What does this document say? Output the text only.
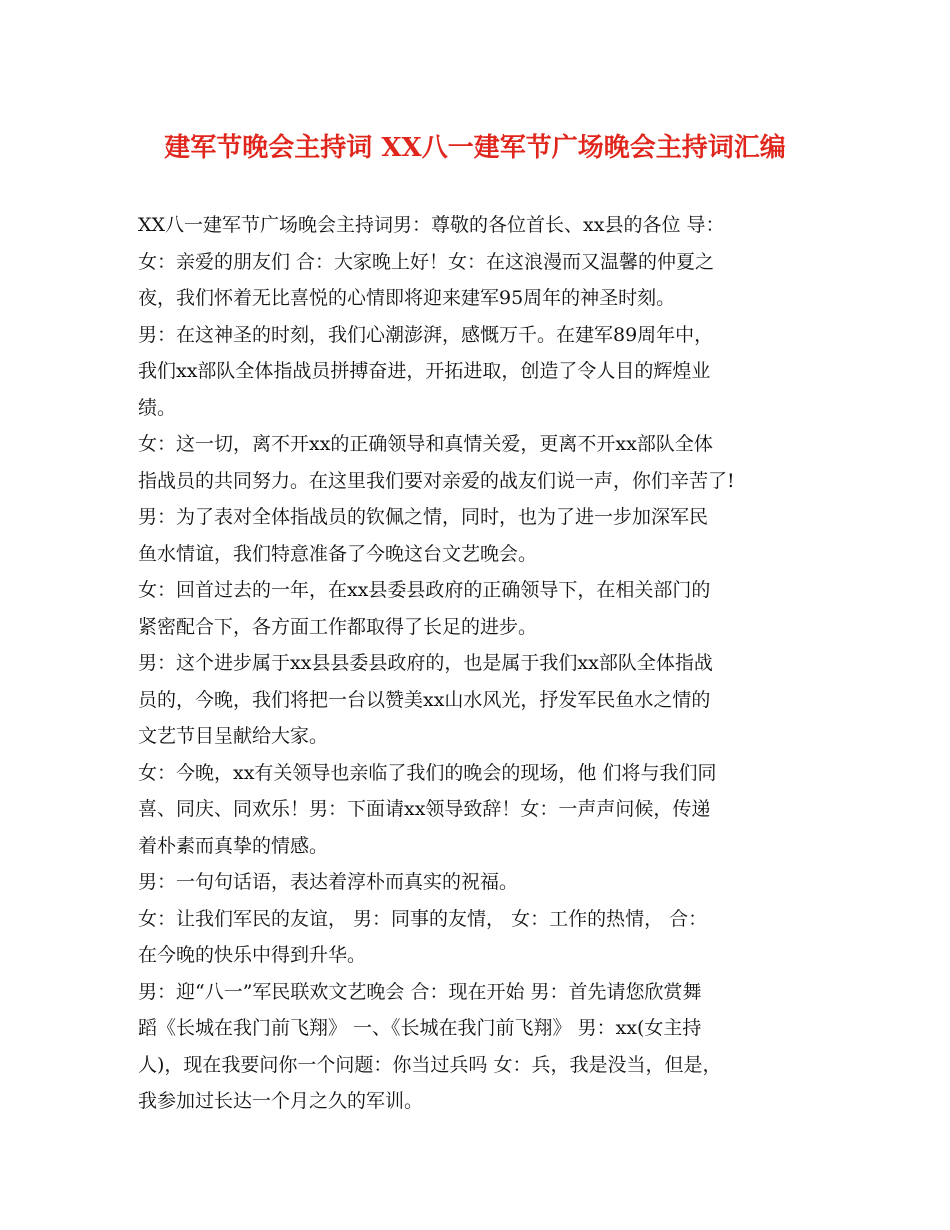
建军节晚会主持词 XX八一建军节广场晚会主持词汇编

XX八一建军节广场晚会主持词男：尊敬的各位首长、xx县的各位 导：

女：亲爱的朋友们 合：大家晚上好！女：在这浪漫而又温馨的仲夏之

夜，我们怀着无比喜悦的心情即将迎来建军95周年的神圣时刻。

男：在这神圣的时刻，我们心潮澎湃，感慨万千。在建军89周年中，

我们xx部队全体指战员拼搏奋进，开拓进取，创造了令人目的辉煌业

绩。

女：这一切，离不开xx的正确领导和真情关爱，更离不开xx部队全体

指战员的共同努力。在这里我们要对亲爱的战友们说一声，你们辛苦了!

男：为了表对全体指战员的钦佩之情，同时，也为了进一步加深军民

鱼水情谊，我们特意准备了今晚这台文艺晚会。

女：回首过去的一年，在xx县委县政府的正确领导下，在相关部门的

紧密配合下，各方面工作都取得了长足的进步。

男：这个进步属于xx县县委县政府的，也是属于我们xx部队全体指战

员的，今晚，我们将把一台以赞美xx山水风光，抒发军民鱼水之情的

文艺节目呈献给大家。

女：今晚，xx有关领导也亲临了我们的晚会的现场，他 们将与我们同

喜、同庆、同欢乐！男：下面请xx领导致辞！女：一声声问候，传递

着朴素而真挚的情感。

男：一句句话语，表达着淳朴而真实的祝福。

女：让我们军民的友谊， 男：同事的友情， 女：工作的热情， 合：

在今晚的快乐中得到升华。

男：迎“八一”军民联欢文艺晚会 合：现在开始 男：首先请您欣赏舞

蹈《长城在我门前飞翔》 一、《长城在我门前飞翔》 男：xx(女主持

人)，现在我要问你一个问题：你当过兵吗 女：兵，我是没当，但是，

我参加过长达一个月之久的军训。
